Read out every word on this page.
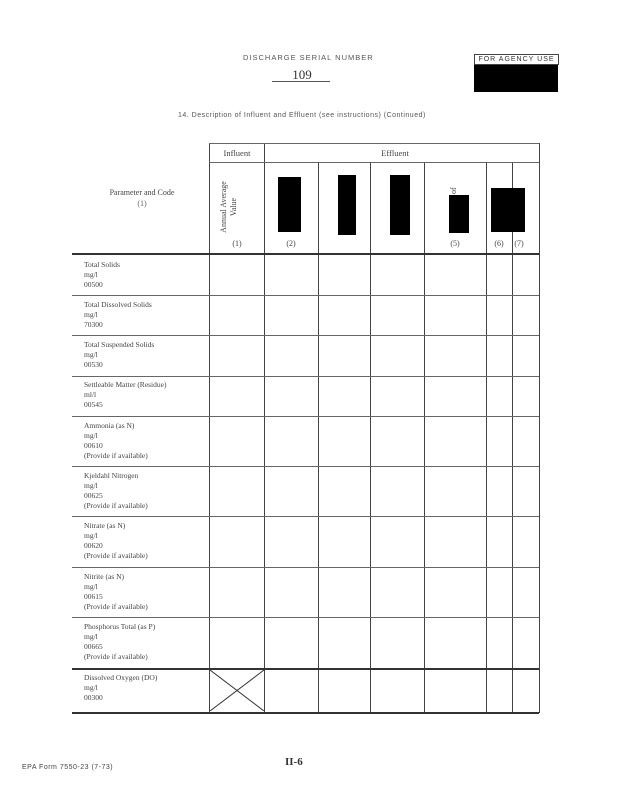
DISCHARGE SERIAL NUMBER
109
FOR AGENCY USE
14. Description of Influent and Effluent (see instructions) (Continued)
Influent	Effluent
Parameter and Code
(1)	Annual Average Value
of
(1)	(2)	(5)	(6)	(7)
Total Solids
mg/l
00500
Total Dissolved Solids
mg/l
70300
Total Suspended Solids
mg/l
00530
Settleable Matter (Residue)
ml/l
00545
Ammonia (as N)
mg/l
00610
(Provide if available)
Kjeldahl Nitrogen
mg/l
00625
(Provide if available)
Nitrate (as N)
mg/l
00620
(Provide if available)
Nitrite (as N)
mg/l
00615
(Provide if available)
Phosphorus Total (as P)
mg/l
00665
(Provide if available)
Dissolved Oxygen (DO)
mg/l
00300
EPA Form 7550-23 (7-73)	II-6
